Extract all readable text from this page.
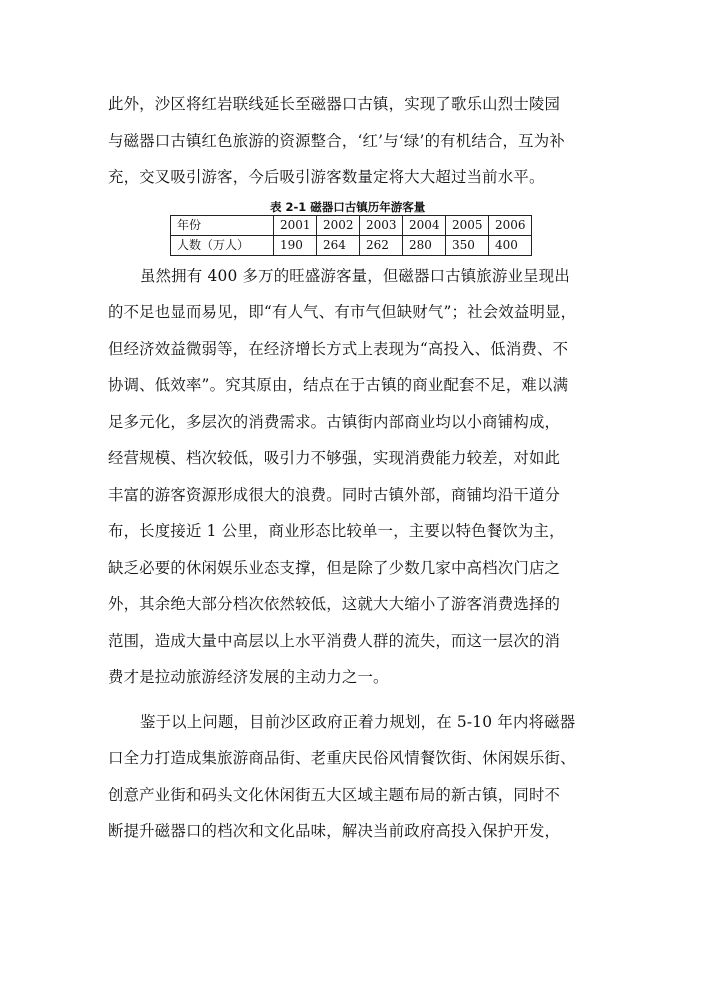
此外，沙区将红岩联线延长至磁器口古镇，实现了歌乐山烈士陵园
与磁器口古镇红色旅游的资源整合，‘红’与‘绿’的有机结合，互为补
充，交叉吸引游客，今后吸引游客数量定将大大超过当前水平。
表 2-1 磁器口古镇历年游客量
年份	2001	2002	2003	2004	2005	2006
人数（万人）	190	264	262	280	350	400
虽然拥有 400 多万的旺盛游客量，但磁器口古镇旅游业呈现出
的不足也显而易见，即“有人气、有市气但缺财气”；社会效益明显，
但经济效益微弱等，在经济增长方式上表现为“高投入、低消费、不
协调、低效率”。究其原由，结点在于古镇的商业配套不足，难以满
足多元化，多层次的消费需求。古镇街内部商业均以小商铺构成，
经营规模、档次较低，吸引力不够强，实现消费能力较差，对如此
丰富的游客资源形成很大的浪费。同时古镇外部，商铺均沿干道分
布，长度接近 1 公里，商业形态比较单一，主要以特色餐饮为主，
缺乏必要的休闲娱乐业态支撑，但是除了少数几家中高档次门店之
外，其余绝大部分档次依然较低，这就大大缩小了游客消费选择的
范围，造成大量中高层以上水平消费人群的流失，而这一层次的消
费才是拉动旅游经济发展的主动力之一。
鉴于以上问题，目前沙区政府正着力规划，在 5-10 年内将磁器
口全力打造成集旅游商品街、老重庆民俗风情餐饮街、休闲娱乐街、
创意产业街和码头文化休闲街五大区域主题布局的新古镇，同时不
断提升磁器口的档次和文化品味，解决当前政府高投入保护开发，
